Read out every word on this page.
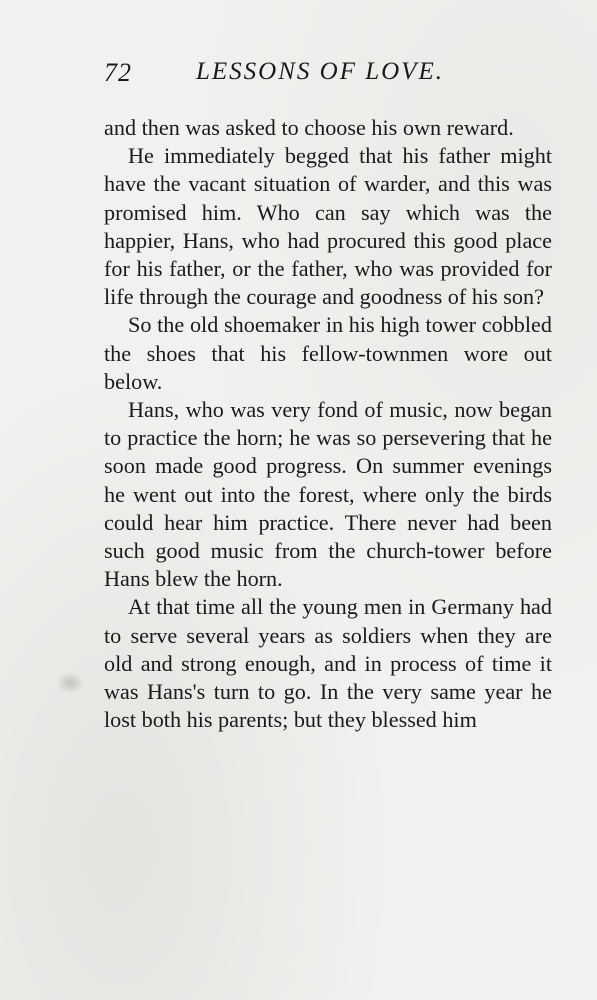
72	LESSONS OF LOVE.

and then was asked to choose his own reward.

He immediately begged that his father might have the vacant situation of warder, and this was promised him. Who can say which was the happier, Hans, who had procured this good place for his father, or the father, who was provided for life through the courage and goodness of his son?

So the old shoemaker in his high tower cobbled the shoes that his fellow-townmen wore out below.

Hans, who was very fond of music, now began to practice the horn; he was so persevering that he soon made good progress. On summer evenings he went out into the forest, where only the birds could hear him practice. There never had been such good music from the church-tower before Hans blew the horn.

At that time all the young men in Germany had to serve several years as soldiers when they are old and strong enough, and in process of time it was Hans's turn to go. In the very same year he lost both his parents; but they blessed him
